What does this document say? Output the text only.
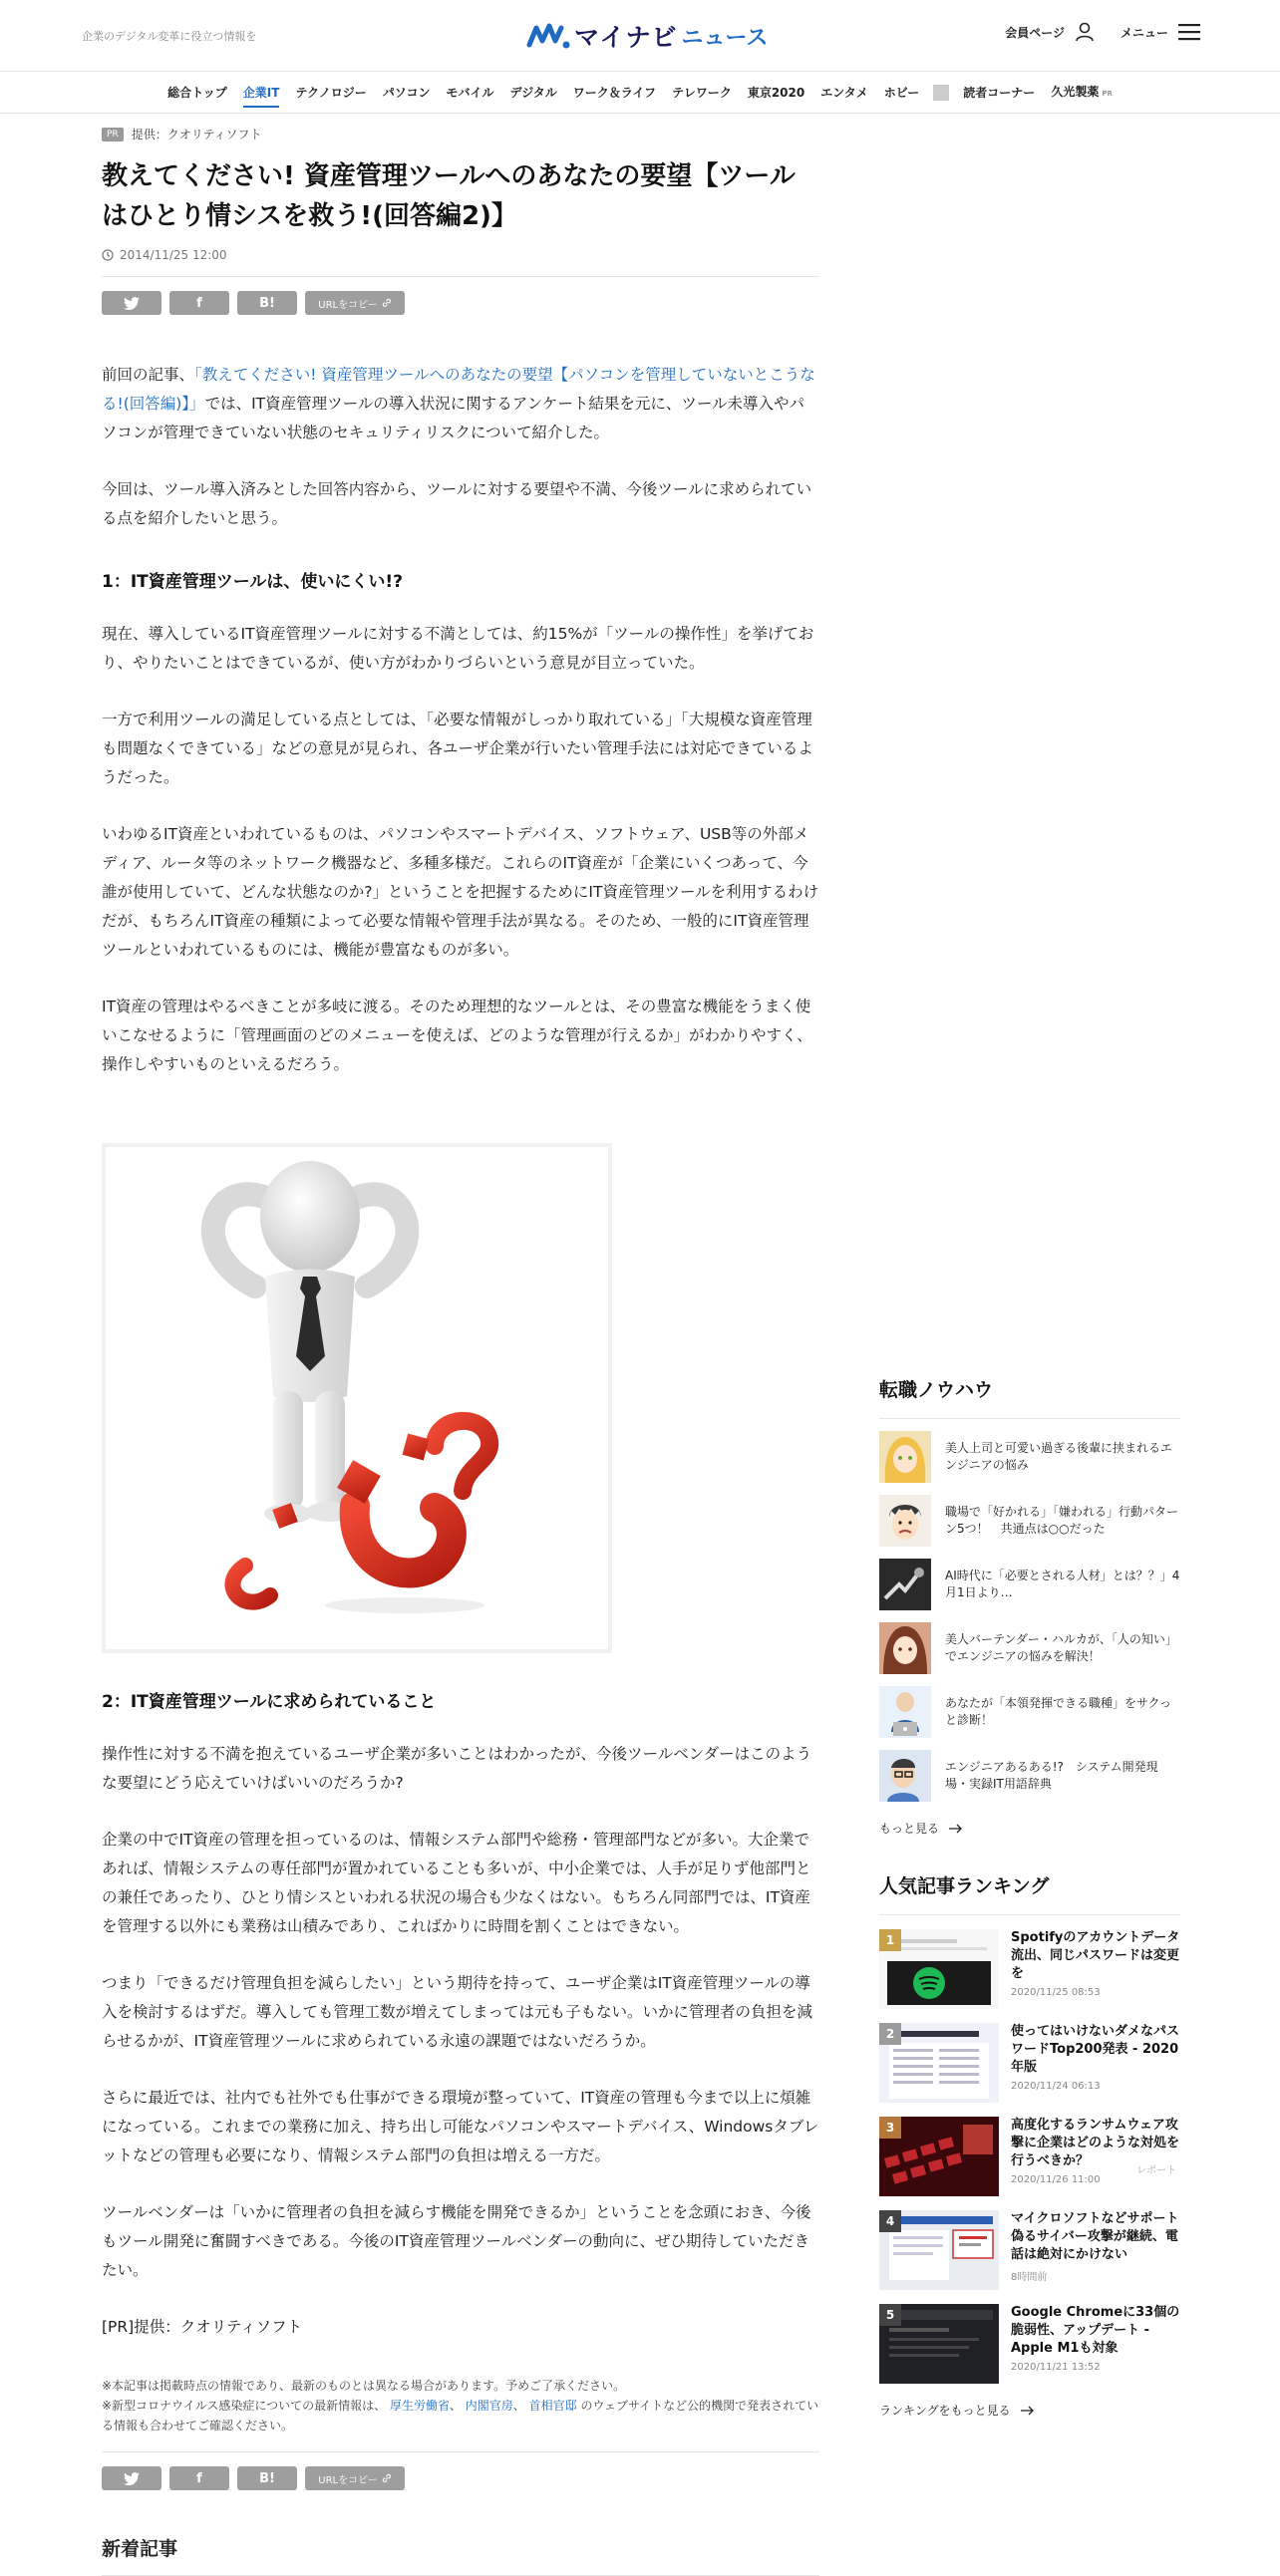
企業のデジタル変革に役立つ情報を	マイナビ ニュース	会員ページ	メニュー
総合トップ	企業IT	テクノロジー	パソコン	モバイル	デジタル	ワーク＆ライフ	テレワーク	東京2020	エンタメ	ホビー	読者コーナー	久光製薬 PR
PR	提供：クオリティソフト
教えてください! 資産管理ツールへのあなたの要望【ツールはひとり情シスを救う!(回答編2)】
2014/11/25 12:00
f	B!	URLをコピー

前回の記事、「教えてください! 資産管理ツールへのあなたの要望【パソコンを管理していないとこうなる!(回答編)】」では、IT資産管理ツールの導入状況に関するアンケート結果を元に、ツール未導入やパソコンが管理できていない状態のセキュリティリスクについて紹介した。

今回は、ツール導入済みとした回答内容から、ツールに対する要望や不満、今後ツールに求められている点を紹介したいと思う。

1：IT資産管理ツールは、使いにくい!?

現在、導入しているIT資産管理ツールに対する不満としては、約15%が「ツールの操作性」を挙げており、やりたいことはできているが、使い方がわかりづらいという意見が目立っていた。

一方で利用ツールの満足している点としては、「必要な情報がしっかり取れている」「大規模な資産管理も問題なくできている」などの意見が見られ、各ユーザ企業が行いたい管理手法には対応できているようだった。

いわゆるIT資産といわれているものは、パソコンやスマートデバイス、ソフトウェア、USB等の外部メディア、ルータ等のネットワーク機器など、多種多様だ。これらのIT資産が「企業にいくつあって、今誰が使用していて、どんな状態なのか?」ということを把握するためにIT資産管理ツールを利用するわけだが、もちろんIT資産の種類によって必要な情報や管理手法が異なる。そのため、一般的にIT資産管理ツールといわれているものには、機能が豊富なものが多い。

IT資産の管理はやるべきことが多岐に渡る。そのため理想的なツールとは、その豊富な機能をうまく使いこなせるように「管理画面のどのメニューを使えば、どのような管理が行えるか」がわかりやすく、操作しやすいものといえるだろう。

2：IT資産管理ツールに求められていること

操作性に対する不満を抱えているユーザ企業が多いことはわかったが、今後ツールベンダーはこのような要望にどう応えていけばいいのだろうか?

企業の中でIT資産の管理を担っているのは、情報システム部門や総務・管理部門などが多い。大企業であれば、情報システムの専任部門が置かれていることも多いが、中小企業では、人手が足りず他部門との兼任であったり、ひとり情シスといわれる状況の場合も少なくはない。もちろん同部門では、IT資産を管理する以外にも業務は山積みであり、こればかりに時間を割くことはできない。

つまり「できるだけ管理負担を減らしたい」という期待を持って、ユーザ企業はIT資産管理ツールの導入を検討するはずだ。導入しても管理工数が増えてしまっては元も子もない。いかに管理者の負担を減らせるかが、IT資産管理ツールに求められている永遠の課題ではないだろうか。

さらに最近では、社内でも社外でも仕事ができる環境が整っていて、IT資産の管理も今まで以上に煩雑になっている。これまでの業務に加え、持ち出し可能なパソコンやスマートデバイス、Windowsタブレットなどの管理も必要になり、情報システム部門の負担は増える一方だ。

ツールベンダーは「いかに管理者の負担を減らす機能を開発できるか」ということを念頭におき、今後もツール開発に奮闘すべきである。今後のIT資産管理ツールベンダーの動向に、ぜひ期待していただきたい。

[PR]提供：クオリティソフト

※本記事は掲載時点の情報であり、最新のものとは異なる場合があります。予めご了承ください。
※新型コロナウイルス感染症についての最新情報は、 厚生労働省、 内閣官房、 首相官邸 のウェブサイトなど公的機関で発表されている情報も合わせてご確認ください。
f	B!	URLをコピー
新着記事
転職ノウハウ
美人上司と可愛い過ぎる後輩に挟まれるエンジニアの悩み
職場で「好かれる」「嫌われる」行動パターン5つ！　共通点は○○だった
AI時代に「必要とされる人材」とは？？」4月1日より…
美人バーテンダー・ハルカが、「人の知い」でエンジニアの悩みを解決！
あなたが「本領発揮できる職種」をサクっと診断！
エンジニアあるある!?　システム開発現場・実録IT用語辞典
もっと見る
人気記事ランキング
1	Spotifyのアカウントデータ流出、同じパスワードは変更を
2020/11/25 08:53
2	使ってはいけないダメなパスワードTop200発表 - 2020年版
2020/11/24 06:13
3	高度化するランサムウェア攻撃に企業はどのような対処を行うべきか？
2020/11/26 11:00
レポート
4	マイクロソフトなどサポート偽るサイバー攻撃が継続、電話は絶対にかけない
8時間前
5	Google Chromeに33個の脆弱性、アップデート - Apple M1も対象
2020/11/21 13:52
ランキングをもっと見る
